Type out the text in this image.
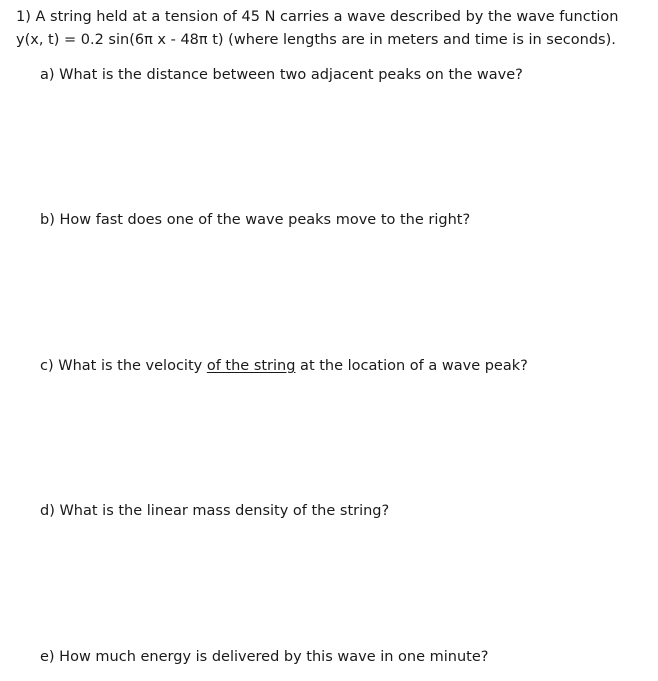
1) A string held at a tension of 45 N carries a wave described by the wave function
y(x, t) = 0.2 sin(6π x - 48π t) (where lengths are in meters and time is in seconds).
a) What is the distance between two adjacent peaks on the wave?
b) How fast does one of the wave peaks move to the right?
c) What is the velocity of the string at the location of a wave peak?
d) What is the linear mass density of the string?
e) How much energy is delivered by this wave in one minute?
